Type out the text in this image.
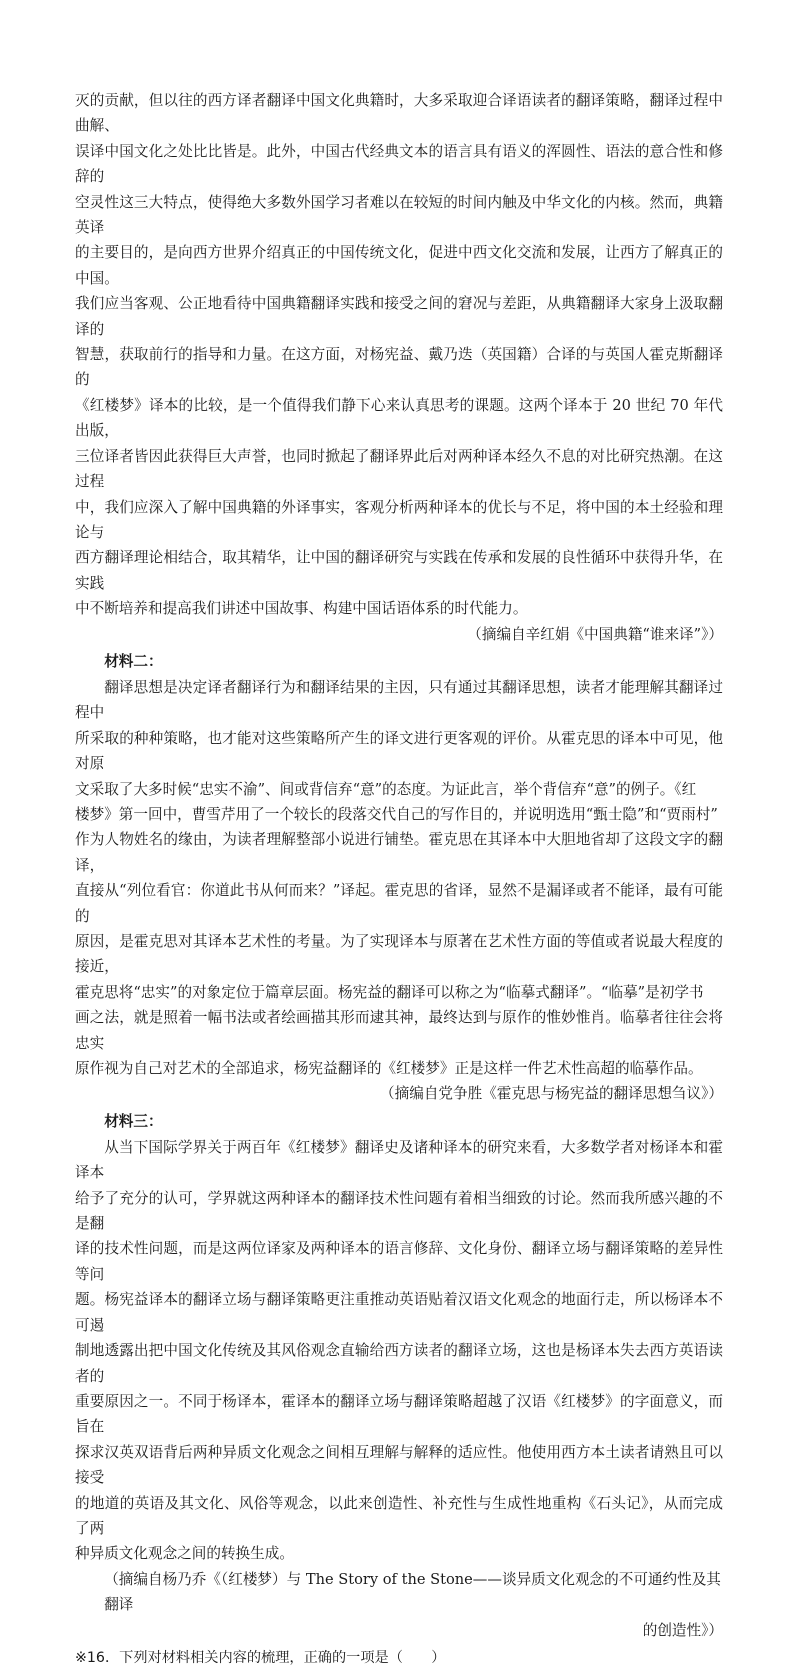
灭的贡献，但以往的西方译者翻译中国文化典籍时，大多采取迎合译语读者的翻译策略，翻译过程中曲解、
误译中国文化之处比比皆是。此外，中国古代经典文本的语言具有语义的浑圆性、语法的意合性和修辞的
空灵性这三大特点，使得绝大多数外国学习者难以在较短的时间内触及中华文化的内核。然而，典籍英译
的主要目的，是向西方世界介绍真正的中国传统文化，促进中西文化交流和发展，让西方了解真正的中国。
我们应当客观、公正地看待中国典籍翻译实践和接受之间的窘况与差距，从典籍翻译大家身上汲取翻译的
智慧，获取前行的指导和力量。在这方面，对杨宪益、戴乃迭（英国籍）合译的与英国人霍克斯翻译的
《红楼梦》译本的比较，是一个值得我们静下心来认真思考的课题。这两个译本于 20 世纪 70 年代出版，
三位译者皆因此获得巨大声誉，也同时掀起了翻译界此后对两种译本经久不息的对比研究热潮。在这过程
中，我们应深入了解中国典籍的外译事实，客观分析两种译本的优长与不足，将中国的本土经验和理论与
西方翻译理论相结合，取其精华，让中国的翻译研究与实践在传承和发展的良性循环中获得升华，在实践
中不断培养和提高我们讲述中国故事、构建中国话语体系的时代能力。

（摘编自辛红娟《中国典籍“谁来译”》）

材料二：

翻译思想是决定译者翻译行为和翻译结果的主因，只有通过其翻译思想，读者才能理解其翻译过程中
所采取的种种策略，也才能对这些策略所产生的译文进行更客观的评价。从霍克思的译本中可见，他对原
文采取了大多时候“忠实不渝”、间或背信弃“意”的态度。为证此言，举个背信弃“意”的例子。《红
楼梦》第一回中，曹雪芹用了一个较长的段落交代自己的写作目的，并说明选用“甄士隐”和“贾雨村”
作为人物姓名的缘由，为读者理解整部小说进行铺垫。霍克思在其译本中大胆地省却了这段文字的翻译，
直接从“列位看官：你道此书从何而来？”译起。霍克思的省译，显然不是漏译或者不能译，最有可能的
原因，是霍克思对其译本艺术性的考量。为了实现译本与原著在艺术性方面的等值或者说最大程度的接近，
霍克思将“忠实”的对象定位于篇章层面。杨宪益的翻译可以称之为“临摹式翻译”。“临摹”是初学书
画之法，就是照着一幅书法或者绘画描其形而逮其神，最终达到与原作的惟妙惟肖。临摹者往往会将忠实
原作视为自己对艺术的全部追求，杨宪益翻译的《红楼梦》正是这样一件艺术性高超的临摹作品。

（摘编自党争胜《霍克思与杨宪益的翻译思想刍议》）

材料三：

从当下国际学界关于两百年《红楼梦》翻译史及诸种译本的研究来看，大多数学者对杨译本和霍译本
给予了充分的认可，学界就这两种译本的翻译技术性问题有着相当细致的讨论。然而我所感兴趣的不是翻
译的技术性问题，而是这两位译家及两种译本的语言修辞、文化身份、翻译立场与翻译策略的差异性等问
题。杨宪益译本的翻译立场与翻译策略更注重推动英语贴着汉语文化观念的地面行走，所以杨译本不可遏
制地透露出把中国文化传统及其风俗观念直输给西方读者的翻译立场，这也是杨译本失去西方英语读者的
重要原因之一。不同于杨译本，霍译本的翻译立场与翻译策略超越了汉语《红楼梦》的字面意义，而旨在
探求汉英双语背后两种异质文化观念之间相互理解与解释的适应性。他使用西方本土读者请熟且可以接受
的地道的英语及其文化、风俗等观念，以此来创造性、补充性与生成性地重构《石头记》，从而完成了两
种异质文化观念之间的转换生成。

（摘编自杨乃乔《（红楼梦）与 The Story of the Stone——谈异质文化观念的不可通约性及其翻译

的创造性》）

※16．下列对材料相关内容的梳理，正确的一项是（　　）
